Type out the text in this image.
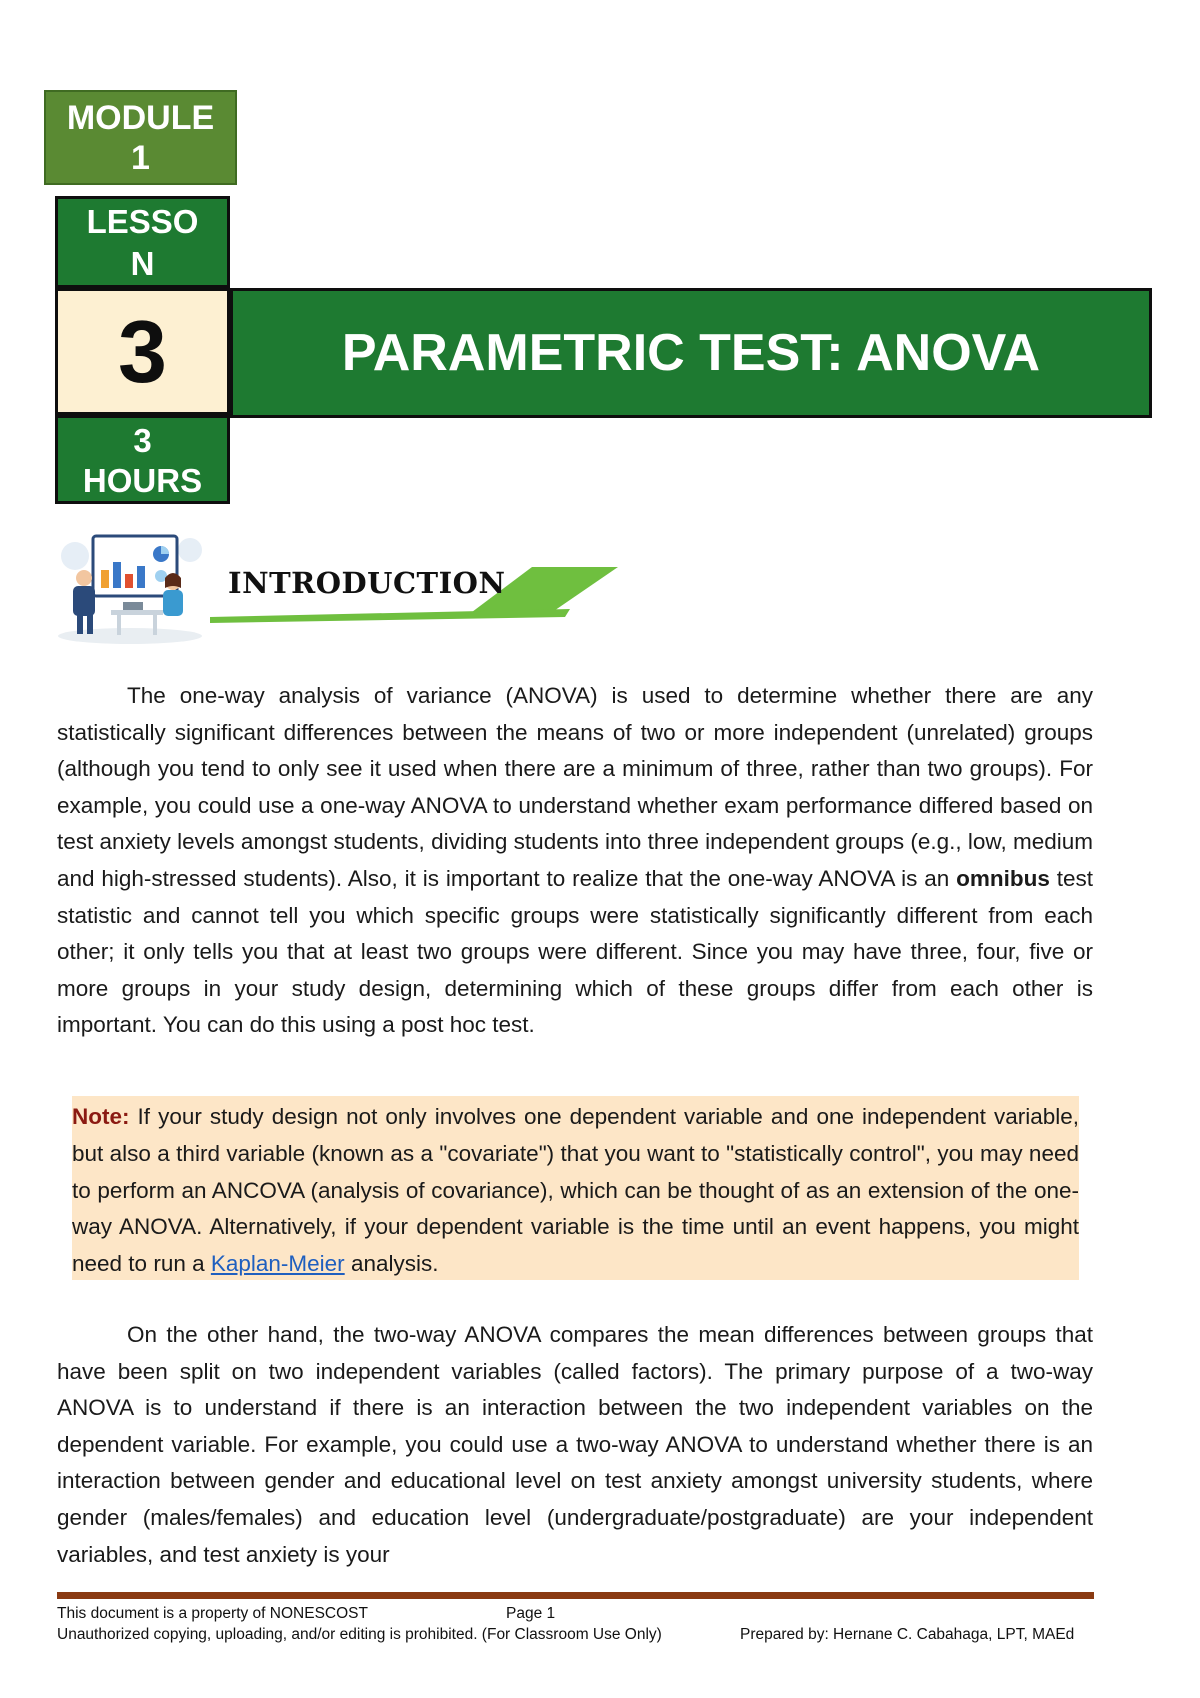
MODULE
1
LESSO
N
3
3
HOURS
PARAMETRIC TEST: ANOVA
INTRODUCTION
The one-way analysis of variance (ANOVA) is used to determine whether there are any statistically significant differences between the means of two or more independent (unrelated) groups (although you tend to only see it used when there are a minimum of three, rather than two groups). For example, you could use a one-way ANOVA to understand whether exam performance differed based on test anxiety levels amongst students, dividing students into three independent groups (e.g., low, medium and high-stressed students). Also, it is important to realize that the one-way ANOVA is an omnibus test statistic and cannot tell you which specific groups were statistically significantly different from each other; it only tells you that at least two groups were different. Since you may have three, four, five or more groups in your study design, determining which of these groups differ from each other is important. You can do this using a post hoc test.
Note: If your study design not only involves one dependent variable and one independent variable, but also a third variable (known as a "covariate") that you want to "statistically control", you may need to perform an ANCOVA (analysis of covariance), which can be thought of as an extension of the one-way ANOVA. Alternatively, if your dependent variable is the time until an event happens, you might need to run a Kaplan-Meier analysis.
On the other hand, the two-way ANOVA compares the mean differences between groups that have been split on two independent variables (called factors). The primary purpose of a two-way ANOVA is to understand if there is an interaction between the two independent variables on the dependent variable. For example, you could use a two-way ANOVA to understand whether there is an interaction between gender and educational level on test anxiety amongst university students, where gender (males/females) and education level (undergraduate/postgraduate) are your independent variables, and test anxiety is your
This document is a property of NONESCOST	Page 1
Unauthorized copying, uploading, and/or editing is prohibited. (For Classroom Use Only)	Prepared by: Hernane C. Cabahaga, LPT, MAEd
